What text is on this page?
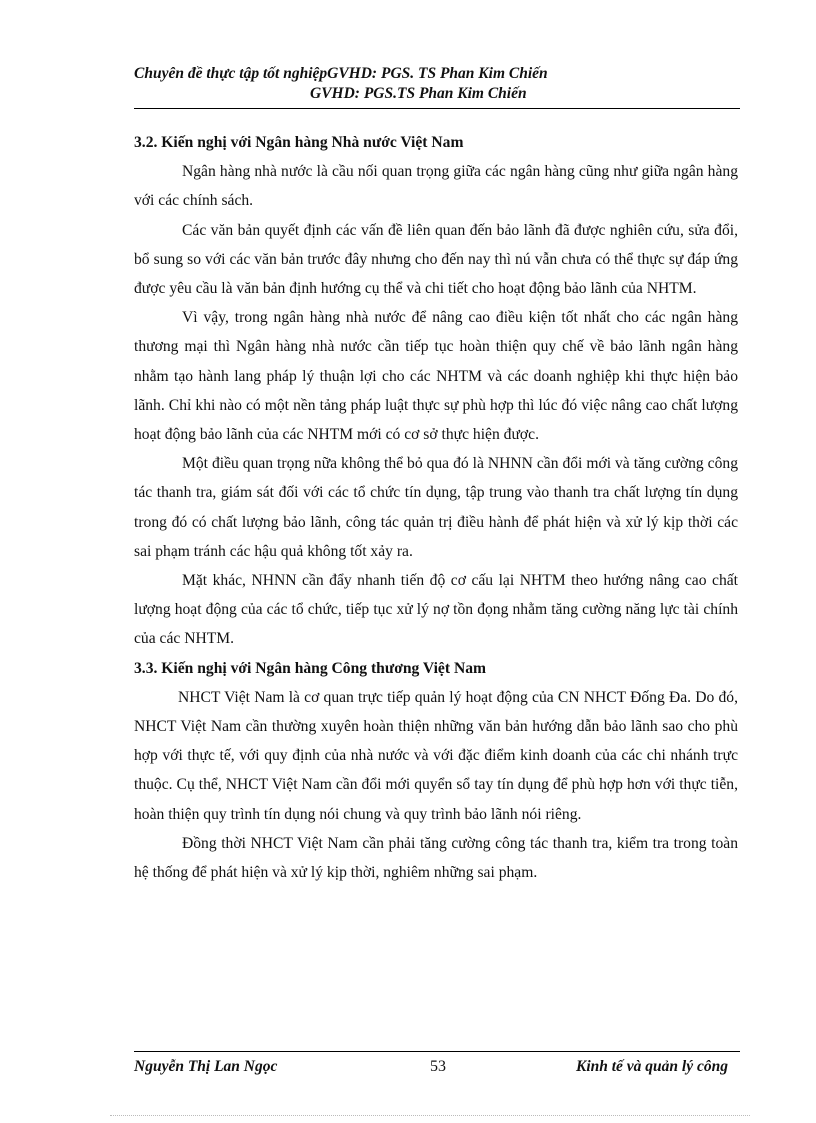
Chuyên đề thực tập tốt nghiệpGVHD: PGS. TS Phan Kim Chiến
GVHD: PGS.TS Phan Kim Chiến

3.2. Kiến nghị với Ngân hàng Nhà nước Việt Nam

Ngân hàng nhà nước là cầu nối quan trọng giữa các ngân hàng cũng như giữa ngân hàng với các chính sách.

Các văn bản quyết định các vấn đề liên quan đến bảo lãnh đã được nghiên cứu, sửa đổi, bổ sung so với các văn bản trước đây nhưng cho đến nay thì nú vẫn chưa có thể thực sự đáp ứng được yêu cầu là văn bản định hướng cụ thể và chi tiết cho hoạt động bảo lãnh của NHTM.

Vì vậy, trong ngân hàng nhà nước để nâng cao điều kiện tốt nhất cho các ngân hàng thương mại thì Ngân hàng nhà nước cần tiếp tục hoàn thiện quy chế về bảo lãnh ngân hàng nhằm tạo hành lang pháp lý thuận lợi cho các NHTM và các doanh nghiệp khi thực hiện bảo lãnh. Chỉ khi nào có một nền tảng pháp luật thực sự phù hợp thì lúc đó việc nâng cao chất lượng hoạt động bảo lãnh của các NHTM mới có cơ sở thực hiện được.

Một điều quan trọng nữa không thể bỏ qua đó là NHNN cần đổi mới và tăng cường công tác thanh tra, giám sát đối với các tổ chức tín dụng, tập trung vào thanh tra chất lượng tín dụng trong đó có chất lượng bảo lãnh, công tác quản trị điều hành để phát hiện và xử lý kịp thời các sai phạm tránh các hậu quả không tốt xảy ra.

Mặt khác, NHNN cần đẩy nhanh tiến độ cơ cấu lại NHTM theo hướng nâng cao chất lượng hoạt động của các tổ chức, tiếp tục xử lý nợ tồn đọng nhằm tăng cường năng lực tài chính của các NHTM.

3.3. Kiến nghị với Ngân hàng Công thương Việt Nam

NHCT Việt Nam là cơ quan trực tiếp quản lý hoạt động của CN NHCT Đống Đa. Do đó, NHCT Việt Nam cần thường xuyên hoàn thiện những văn bản hướng dẫn bảo lãnh sao cho phù hợp với thực tế, với quy định của nhà nước và với đặc điểm kinh doanh của các chi nhánh trực thuộc. Cụ thể, NHCT Việt Nam cần đổi mới quyển sổ tay tín dụng để phù hợp hơn với thực tiễn, hoàn thiện quy trình tín dụng nói chung và quy trình bảo lãnh nói riêng.

Đồng thời NHCT Việt Nam cần phải tăng cường công tác thanh tra, kiểm tra trong toàn hệ thống để phát hiện và xử lý kịp thời, nghiêm những sai phạm.

Nguyễn Thị Lan Ngọc	53	Kinh tế và quản lý công
